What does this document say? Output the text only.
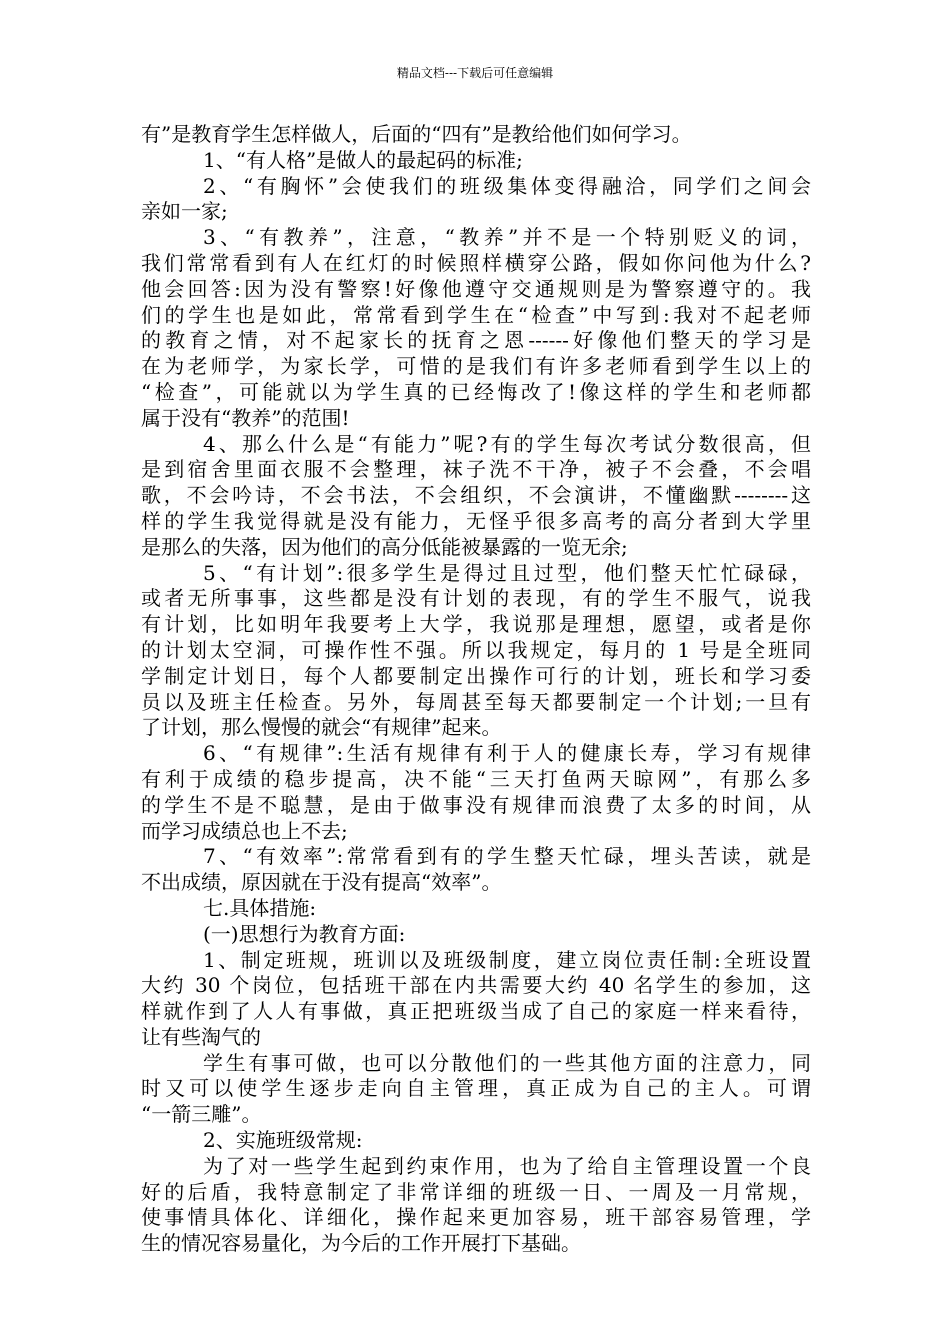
精品文档---下载后可任意编辑
有”是教育学生怎样做人，后面的“四有”是教给他们如何学习。
1、“有人格”是做人的最起码的标准;
2、“有胸怀”会使我们的班级集体变得融洽，同学们之间会
亲如一家;
3、“有教养”，注意，“教养”并不是一个特别贬义的词，
我们常常看到有人在红灯的时候照样横穿公路，假如你问他为什么?
他会回答:因为没有警察!好像他遵守交通规则是为警察遵守的。我
们的学生也是如此，常常看到学生在“检查”中写到:我对不起老师
的教育之情，对不起家长的抚育之恩------好像他们整天的学习是
在为老师学，为家长学，可惜的是我们有许多老师看到学生以上的
“检查”，可能就以为学生真的已经悔改了!像这样的学生和老师都
属于没有“教养”的范围!
4、那么什么是“有能力”呢?有的学生每次考试分数很高，但
是到宿舍里面衣服不会整理，袜子洗不干净，被子不会叠，不会唱
歌，不会吟诗，不会书法，不会组织，不会演讲，不懂幽默--------这
样的学生我觉得就是没有能力，无怪乎很多高考的高分者到大学里
是那么的失落，因为他们的高分低能被暴露的一览无余;
5、“有计划”:很多学生是得过且过型，他们整天忙忙碌碌，
或者无所事事，这些都是没有计划的表现，有的学生不服气，说我
有计划，比如明年我要考上大学，我说那是理想，愿望，或者是你
的计划太空洞，可操作性不强。所以我规定，每月的 1 号是全班同
学制定计划日，每个人都要制定出操作可行的计划，班长和学习委
员以及班主任检查。另外，每周甚至每天都要制定一个计划;一旦有
了计划，那么慢慢的就会“有规律”起来。
6、“有规律”:生活有规律有利于人的健康长寿，学习有规律
有利于成绩的稳步提高，决不能“三天打鱼两天晾网”，有那么多
的学生不是不聪慧，是由于做事没有规律而浪费了太多的时间，从
而学习成绩总也上不去;
7、“有效率”:常常看到有的学生整天忙碌，埋头苦读，就是
不出成绩，原因就在于没有提高“效率”。
七.具体措施:
(一)思想行为教育方面:
1、制定班规，班训以及班级制度，建立岗位责任制:全班设置
大约 30 个岗位，包括班干部在内共需要大约 40 名学生的参加，这
样就作到了人人有事做，真正把班级当成了自己的家庭一样来看待，
让有些淘气的
学生有事可做，也可以分散他们的一些其他方面的注意力，同
时又可以使学生逐步走向自主管理，真正成为自己的主人。可谓
“一箭三雕”。
2、实施班级常规:
为了对一些学生起到约束作用，也为了给自主管理设置一个良
好的后盾，我特意制定了非常详细的班级一日、一周及一月常规，
使事情具体化、详细化，操作起来更加容易，班干部容易管理，学
生的情况容易量化，为今后的工作开展打下基础。
